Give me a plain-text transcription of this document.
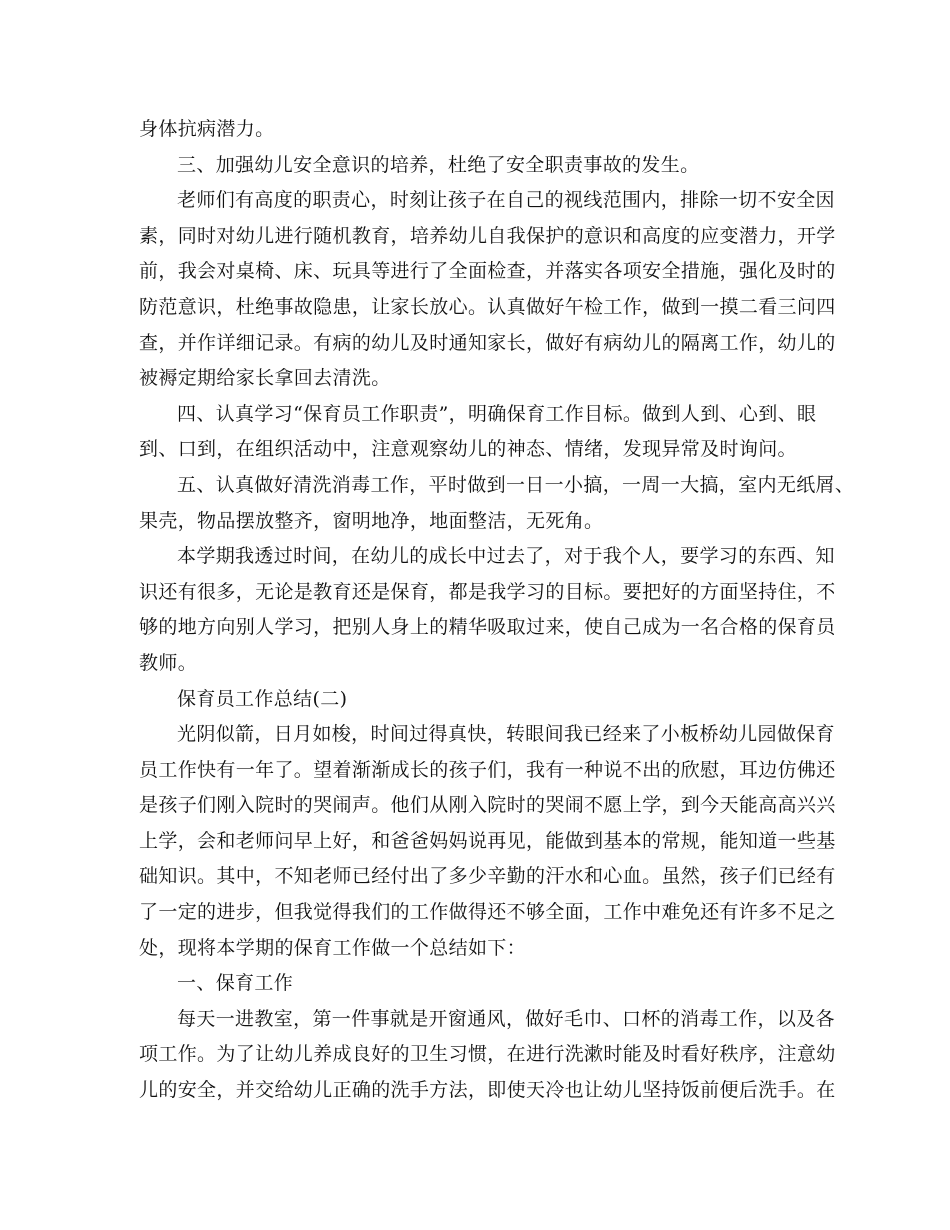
身体抗病潜力。
三、加强幼儿安全意识的培养，杜绝了安全职责事故的发生。
老师们有高度的职责心，时刻让孩子在自己的视线范围内，排除一切不安全因
素，同时对幼儿进行随机教育，培养幼儿自我保护的意识和高度的应变潜力，开学
前，我会对桌椅、床、玩具等进行了全面检查，并落实各项安全措施，强化及时的
防范意识，杜绝事故隐患，让家长放心。认真做好午检工作，做到一摸二看三问四
查，并作详细记录。有病的幼儿及时通知家长，做好有病幼儿的隔离工作，幼儿的
被褥定期给家长拿回去清洗。
四、认真学习“保育员工作职责”，明确保育工作目标。做到人到、心到、眼
到、口到，在组织活动中，注意观察幼儿的神态、情绪，发现异常及时询问。
五、认真做好清洗消毒工作，平时做到一日一小搞，一周一大搞，室内无纸屑、
果壳，物品摆放整齐，窗明地净，地面整洁，无死角。
本学期我透过时间，在幼儿的成长中过去了，对于我个人，要学习的东西、知
识还有很多，无论是教育还是保育，都是我学习的目标。要把好的方面坚持住，不
够的地方向别人学习，把别人身上的精华吸取过来，使自己成为一名合格的保育员
教师。
保育员工作总结(二)
光阴似箭，日月如梭，时间过得真快，转眼间我已经来了小板桥幼儿园做保育
员工作快有一年了。望着渐渐成长的孩子们，我有一种说不出的欣慰，耳边仿佛还
是孩子们刚入院时的哭闹声。他们从刚入院时的哭闹不愿上学，到今天能高高兴兴
上学，会和老师问早上好，和爸爸妈妈说再见，能做到基本的常规，能知道一些基
础知识。其中，不知老师已经付出了多少辛勤的汗水和心血。虽然，孩子们已经有
了一定的进步，但我觉得我们的工作做得还不够全面，工作中难免还有许多不足之
处，现将本学期的保育工作做一个总结如下：
一、保育工作
每天一进教室，第一件事就是开窗通风，做好毛巾、口杯的消毒工作，以及各
项工作。为了让幼儿养成良好的卫生习惯，在进行洗漱时能及时看好秩序，注意幼
儿的安全，并交给幼儿正确的洗手方法，即使天冷也让幼儿坚持饭前便后洗手。在
